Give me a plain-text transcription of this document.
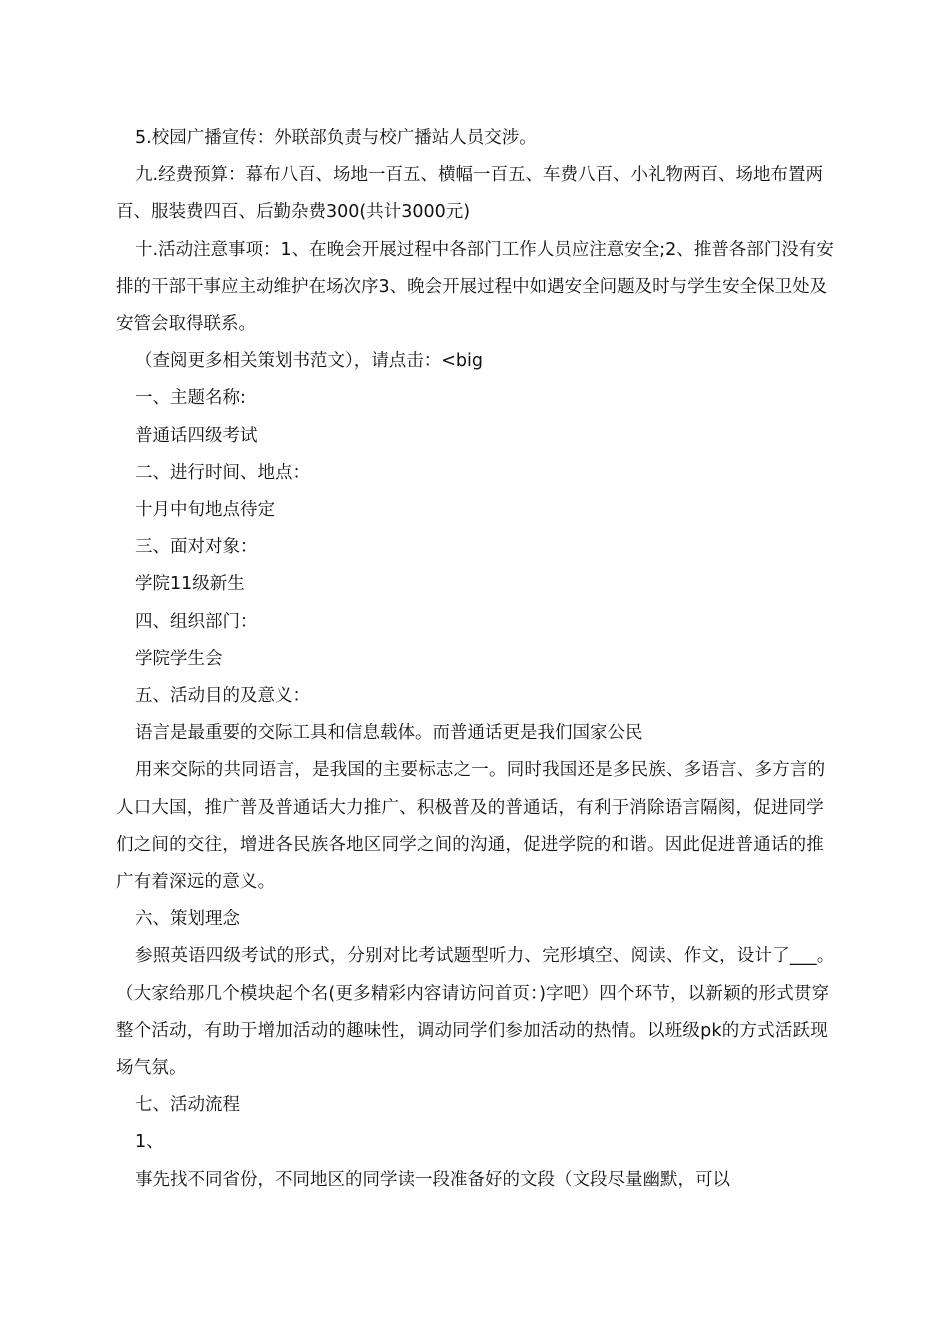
5.校园广播宣传：外联部负责与校广播站人员交涉。

九.经费预算：幕布八百、场地一百五、横幅一百五、车费八百、小礼物两百、场地布置两百、服装费四百、后勤杂费300(共计3000元)

十.活动注意事项：1、在晚会开展过程中各部门工作人员应注意安全;2、推普各部门没有安排的干部干事应主动维护在场次序3、晚会开展过程中如遇安全问题及时与学生安全保卫处及安管会取得联系。

（查阅更多相关策划书范文），请点击：<big

一、主题名称:

普通话四级考试

二、进行时间、地点：

十月中旬地点待定

三、面对对象：

学院11级新生

四、组织部门：

学院学生会

五、活动目的及意义：

语言是最重要的交际工具和信息载体。而普通话更是我们国家公民

用来交际的共同语言，是我国的主要标志之一。同时我国还是多民族、多语言、多方言的人口大国，推广普及普通话大力推广、积极普及的普通话，有利于消除语言隔阂，促进同学们之间的交往，增进各民族各地区同学之间的沟通，促进学院的和谐。因此促进普通话的推广有着深远的意义。

六、策划理念

参照英语四级考试的形式，分别对比考试题型听力、完形填空、阅读、作文，设计了___。（大家给那几个模块起个名(更多精彩内容请访问首页：)字吧）四个环节，以新颖的形式贯穿整个活动，有助于增加活动的趣味性，调动同学们参加活动的热情。以班级pk的方式活跃现场气氛。

七、活动流程

1、

事先找不同省份，不同地区的同学读一段准备好的文段（文段尽量幽默，可以
